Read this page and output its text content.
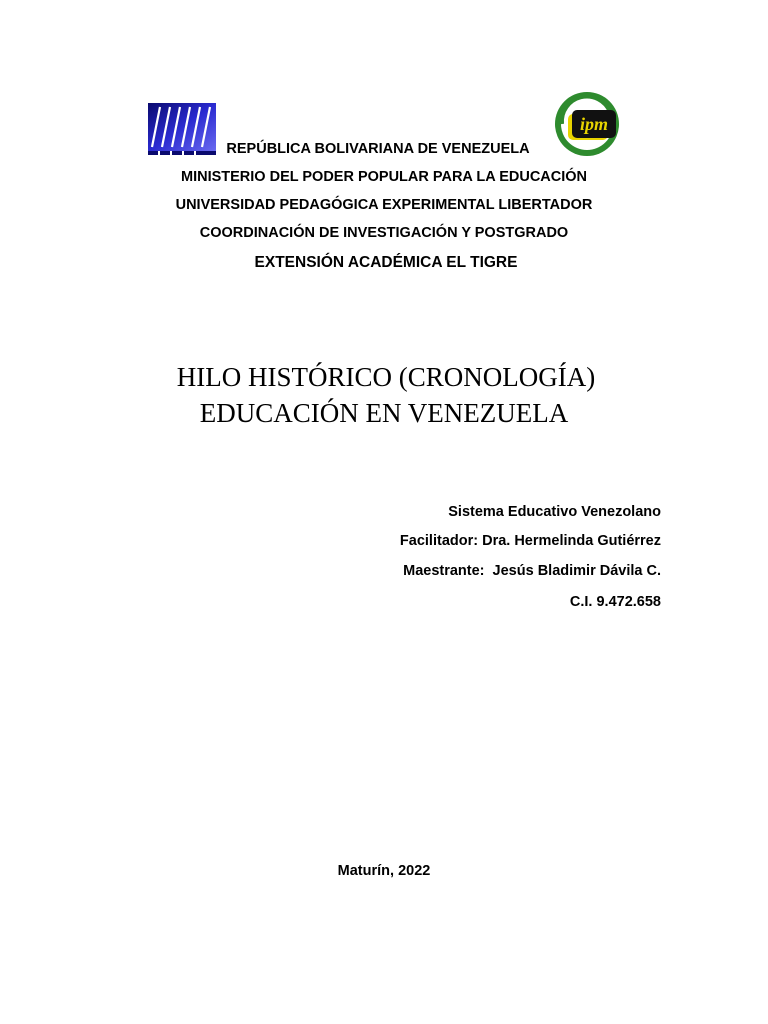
ipm
REPÚBLICA BOLIVARIANA DE VENEZUELA
MINISTERIO DEL PODER POPULAR PARA LA EDUCACIÓN
UNIVERSIDAD PEDAGÓGICA EXPERIMENTAL LIBERTADOR
COORDINACIÓN DE INVESTIGACIÓN Y POSTGRADO
EXTENSIÓN ACADÉMICA EL TIGRE
HILO HISTÓRICO (CRONOLOGÍA)
EDUCACIÓN EN VENEZUELA
Sistema Educativo Venezolano
Facilitador: Dra. Hermelinda Gutiérrez
Maestrante:  Jesús Bladimir Dávila C.
C.I. 9.472.658
Maturín, 2022
